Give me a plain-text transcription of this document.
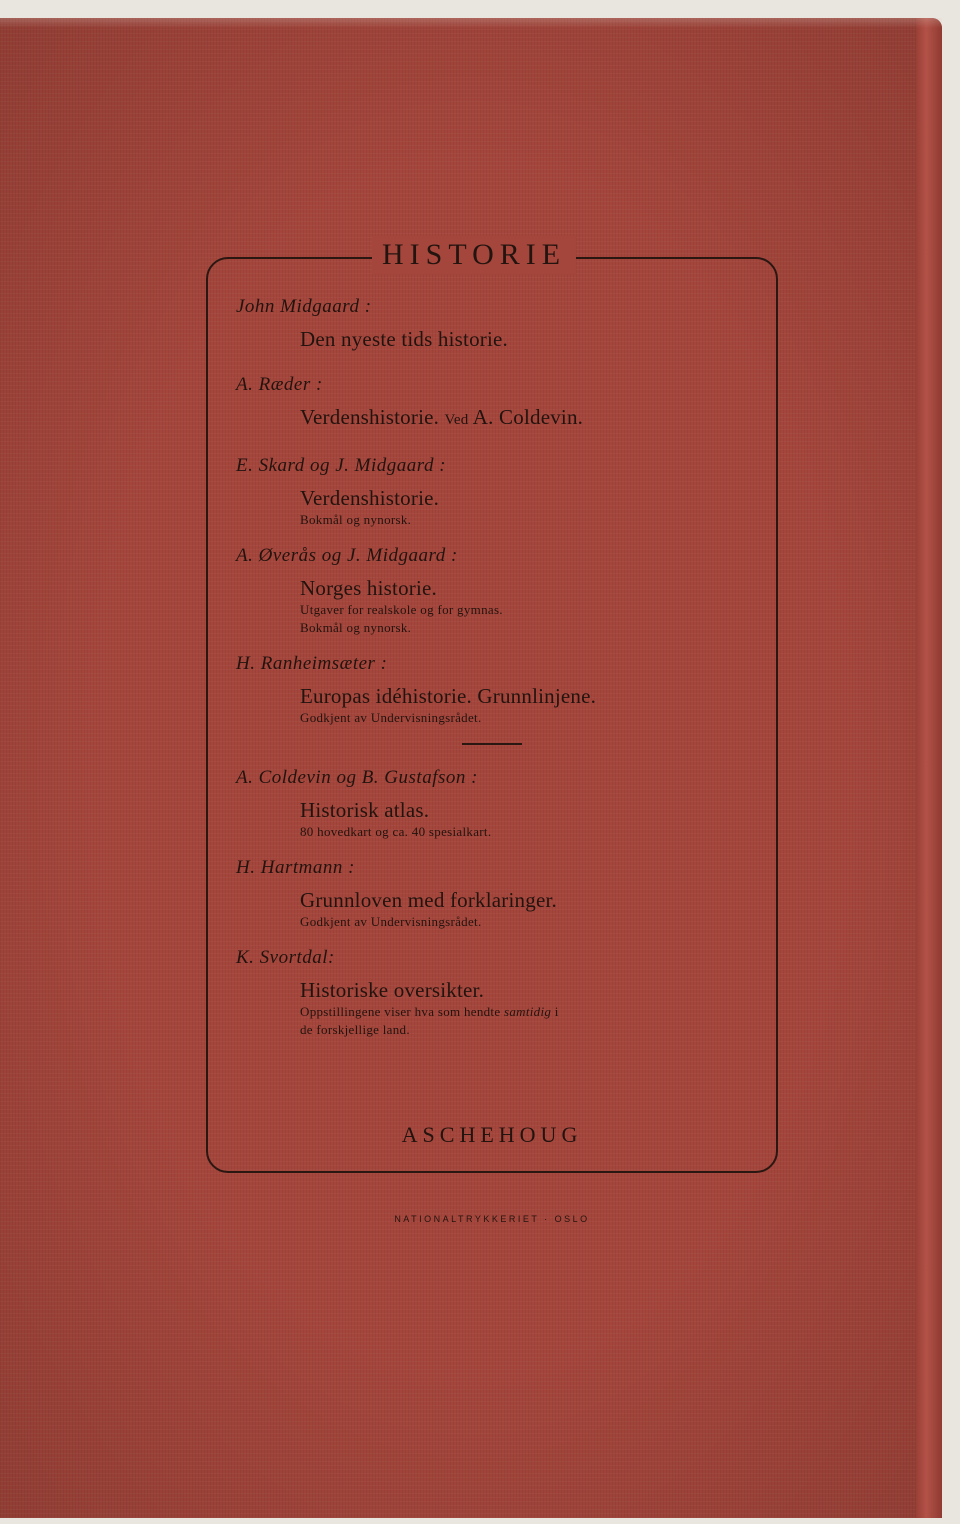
HISTORIE
John Midgaard :
Den nyeste tids historie.
A. Ræder :
Verdenshistorie. Ved A. Coldevin.
E. Skard og J. Midgaard :
Verdenshistorie.
Bokmål og nynorsk.
A. Øverås og J. Midgaard :
Norges historie.
Utgaver for realskole og for gymnas.
Bokmål og nynorsk.
H. Ranheimsæter :
Europas idéhistorie. Grunnlinjene.
Godkjent av Undervisningsrådet.
A. Coldevin og B. Gustafson :
Historisk atlas.
80 hovedkart og ca. 40 spesialkart.
H. Hartmann :
Grunnloven med forklaringer.
Godkjent av Undervisningsrådet.
K. Svortdal:
Historiske oversikter.
Oppstillingene viser hva som hendte samtidig i
de forskjellige land.
ASCHEHOUG
NATIONALTRYKKERIET · OSLO
